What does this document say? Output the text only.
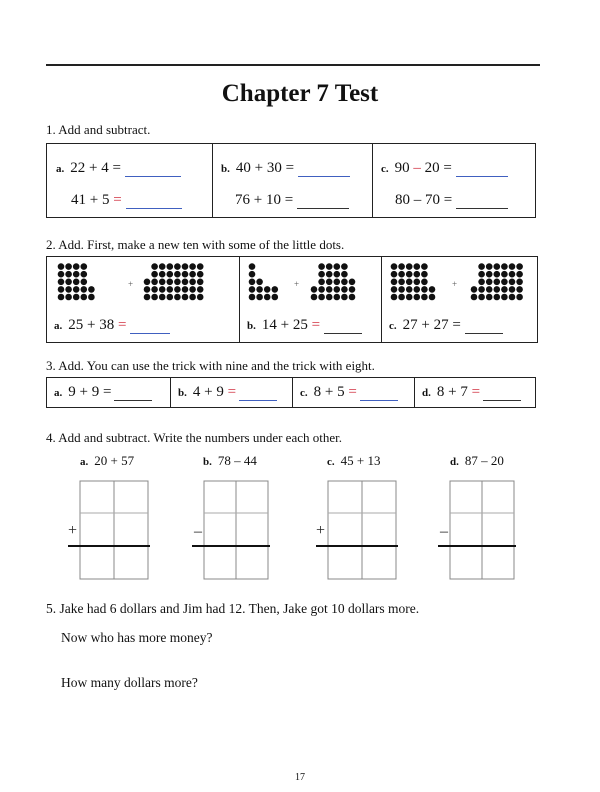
Chapter 7 Test
1. Add and subtract.
a. 22 + 4 =
41 + 5 =
b. 40 + 30 =
76 + 10 =
c. 90 – 20 =
80 – 70 =
2. Add. First, make a new ten with some of the little dots.
+
a. 25 + 38 =
+
b. 14 + 25 =
+
c. 27 + 27 =
3. Add. You can use the trick with nine and the trick with eight.
a. 9 + 9 =	b. 4 + 9 =	c. 8 + 5 =	d. 8 + 7 =
4. Add and subtract. Write the numbers under each other.
a. 20 + 57	b. 78 – 44	c. 45 + 13	d. 87 – 20
+	–	+	–
5. Jake had 6 dollars and Jim had 12. Then, Jake got 10 dollars more.
Now who has more money?
How many dollars more?
17
